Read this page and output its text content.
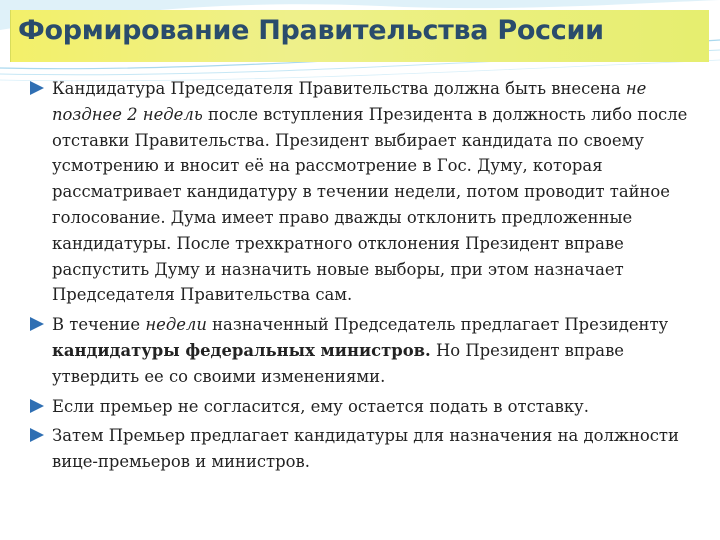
Формирование Правительства России
Кандидатура Председателя Правительства должна быть внесена не позднее 2 недель после вступления Президента в должность либо после отставки Правительства. Президент выбирает кандидата по своему усмотрению и вносит её на рассмотрение в Гос. Думу, которая рассматривает кандидатуру в течении недели, потом проводит тайное голосование. Дума имеет право дважды отклонить предложенные кандидатуры. После трехкратного отклонения Президент вправе распустить Думу и назначить новые выборы, при этом назначает Председателя Правительства сам.
В течение недели назначенный Председатель предлагает Президенту кандидатуры федеральных министров. Но Президент вправе утвердить ее со своими изменениями.
Если премьер не согласится, ему остается подать в отставку.
Затем Премьер предлагает кандидатуры для назначения на должности вице-премьеров и министров.
